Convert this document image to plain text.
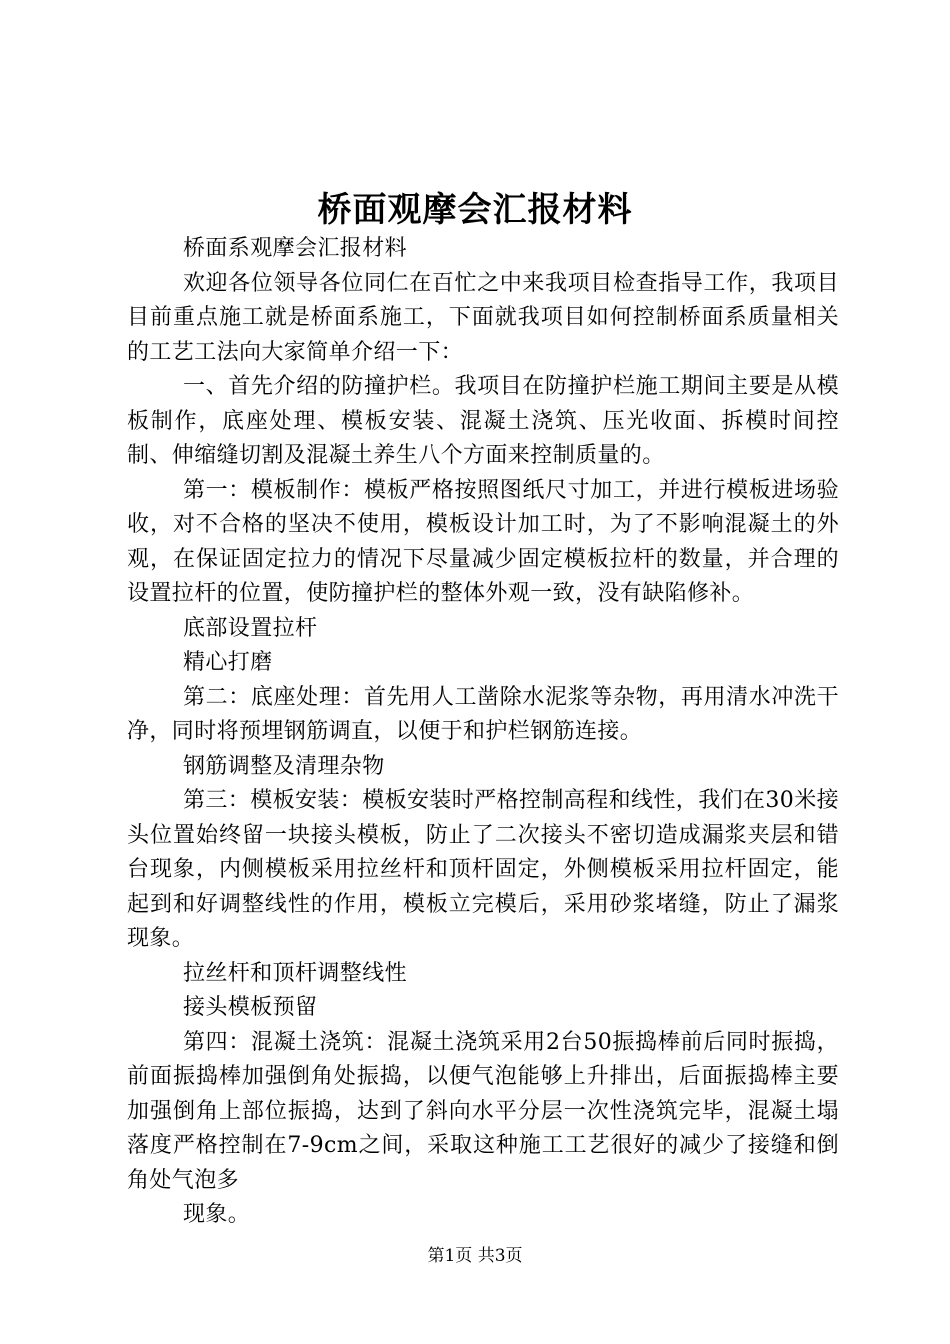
桥面观摩会汇报材料

桥面系观摩会汇报材料

欢迎各位领导各位同仁在百忙之中来我项目检查指导工作，我项目目前重点施工就是桥面系施工，下面就我项目如何控制桥面系质量相关的工艺工法向大家简单介绍一下：

一、首先介绍的防撞护栏。我项目在防撞护栏施工期间主要是从模板制作，底座处理、模板安装、混凝土浇筑、压光收面、拆模时间控制、伸缩缝切割及混凝土养生八个方面来控制质量的。

第一：模板制作：模板严格按照图纸尺寸加工，并进行模板进场验收，对不合格的坚决不使用，模板设计加工时，为了不影响混凝土的外观，在保证固定拉力的情况下尽量减少固定模板拉杆的数量，并合理的设置拉杆的位置，使防撞护栏的整体外观一致，没有缺陷修补。

底部设置拉杆

精心打磨

第二：底座处理：首先用人工凿除水泥浆等杂物，再用清水冲洗干净，同时将预埋钢筋调直，以便于和护栏钢筋连接。

钢筋调整及清理杂物

第三：模板安装：模板安装时严格控制高程和线性，我们在30米接头位置始终留一块接头模板，防止了二次接头不密切造成漏浆夹层和错台现象，内侧模板采用拉丝杆和顶杆固定，外侧模板采用拉杆固定，能起到和好调整线性的作用，模板立完模后，采用砂浆堵缝，防止了漏浆现象。

拉丝杆和顶杆调整线性

接头模板预留

第四：混凝土浇筑：混凝土浇筑采用2台50振捣棒前后同时振捣，前面振捣棒加强倒角处振捣，以便气泡能够上升排出，后面振捣棒主要加强倒角上部位振捣，达到了斜向水平分层一次性浇筑完毕，混凝土塌落度严格控制在7-9cm之间，采取这种施工工艺很好的减少了接缝和倒角处气泡多

现象。

第1页 共3页
